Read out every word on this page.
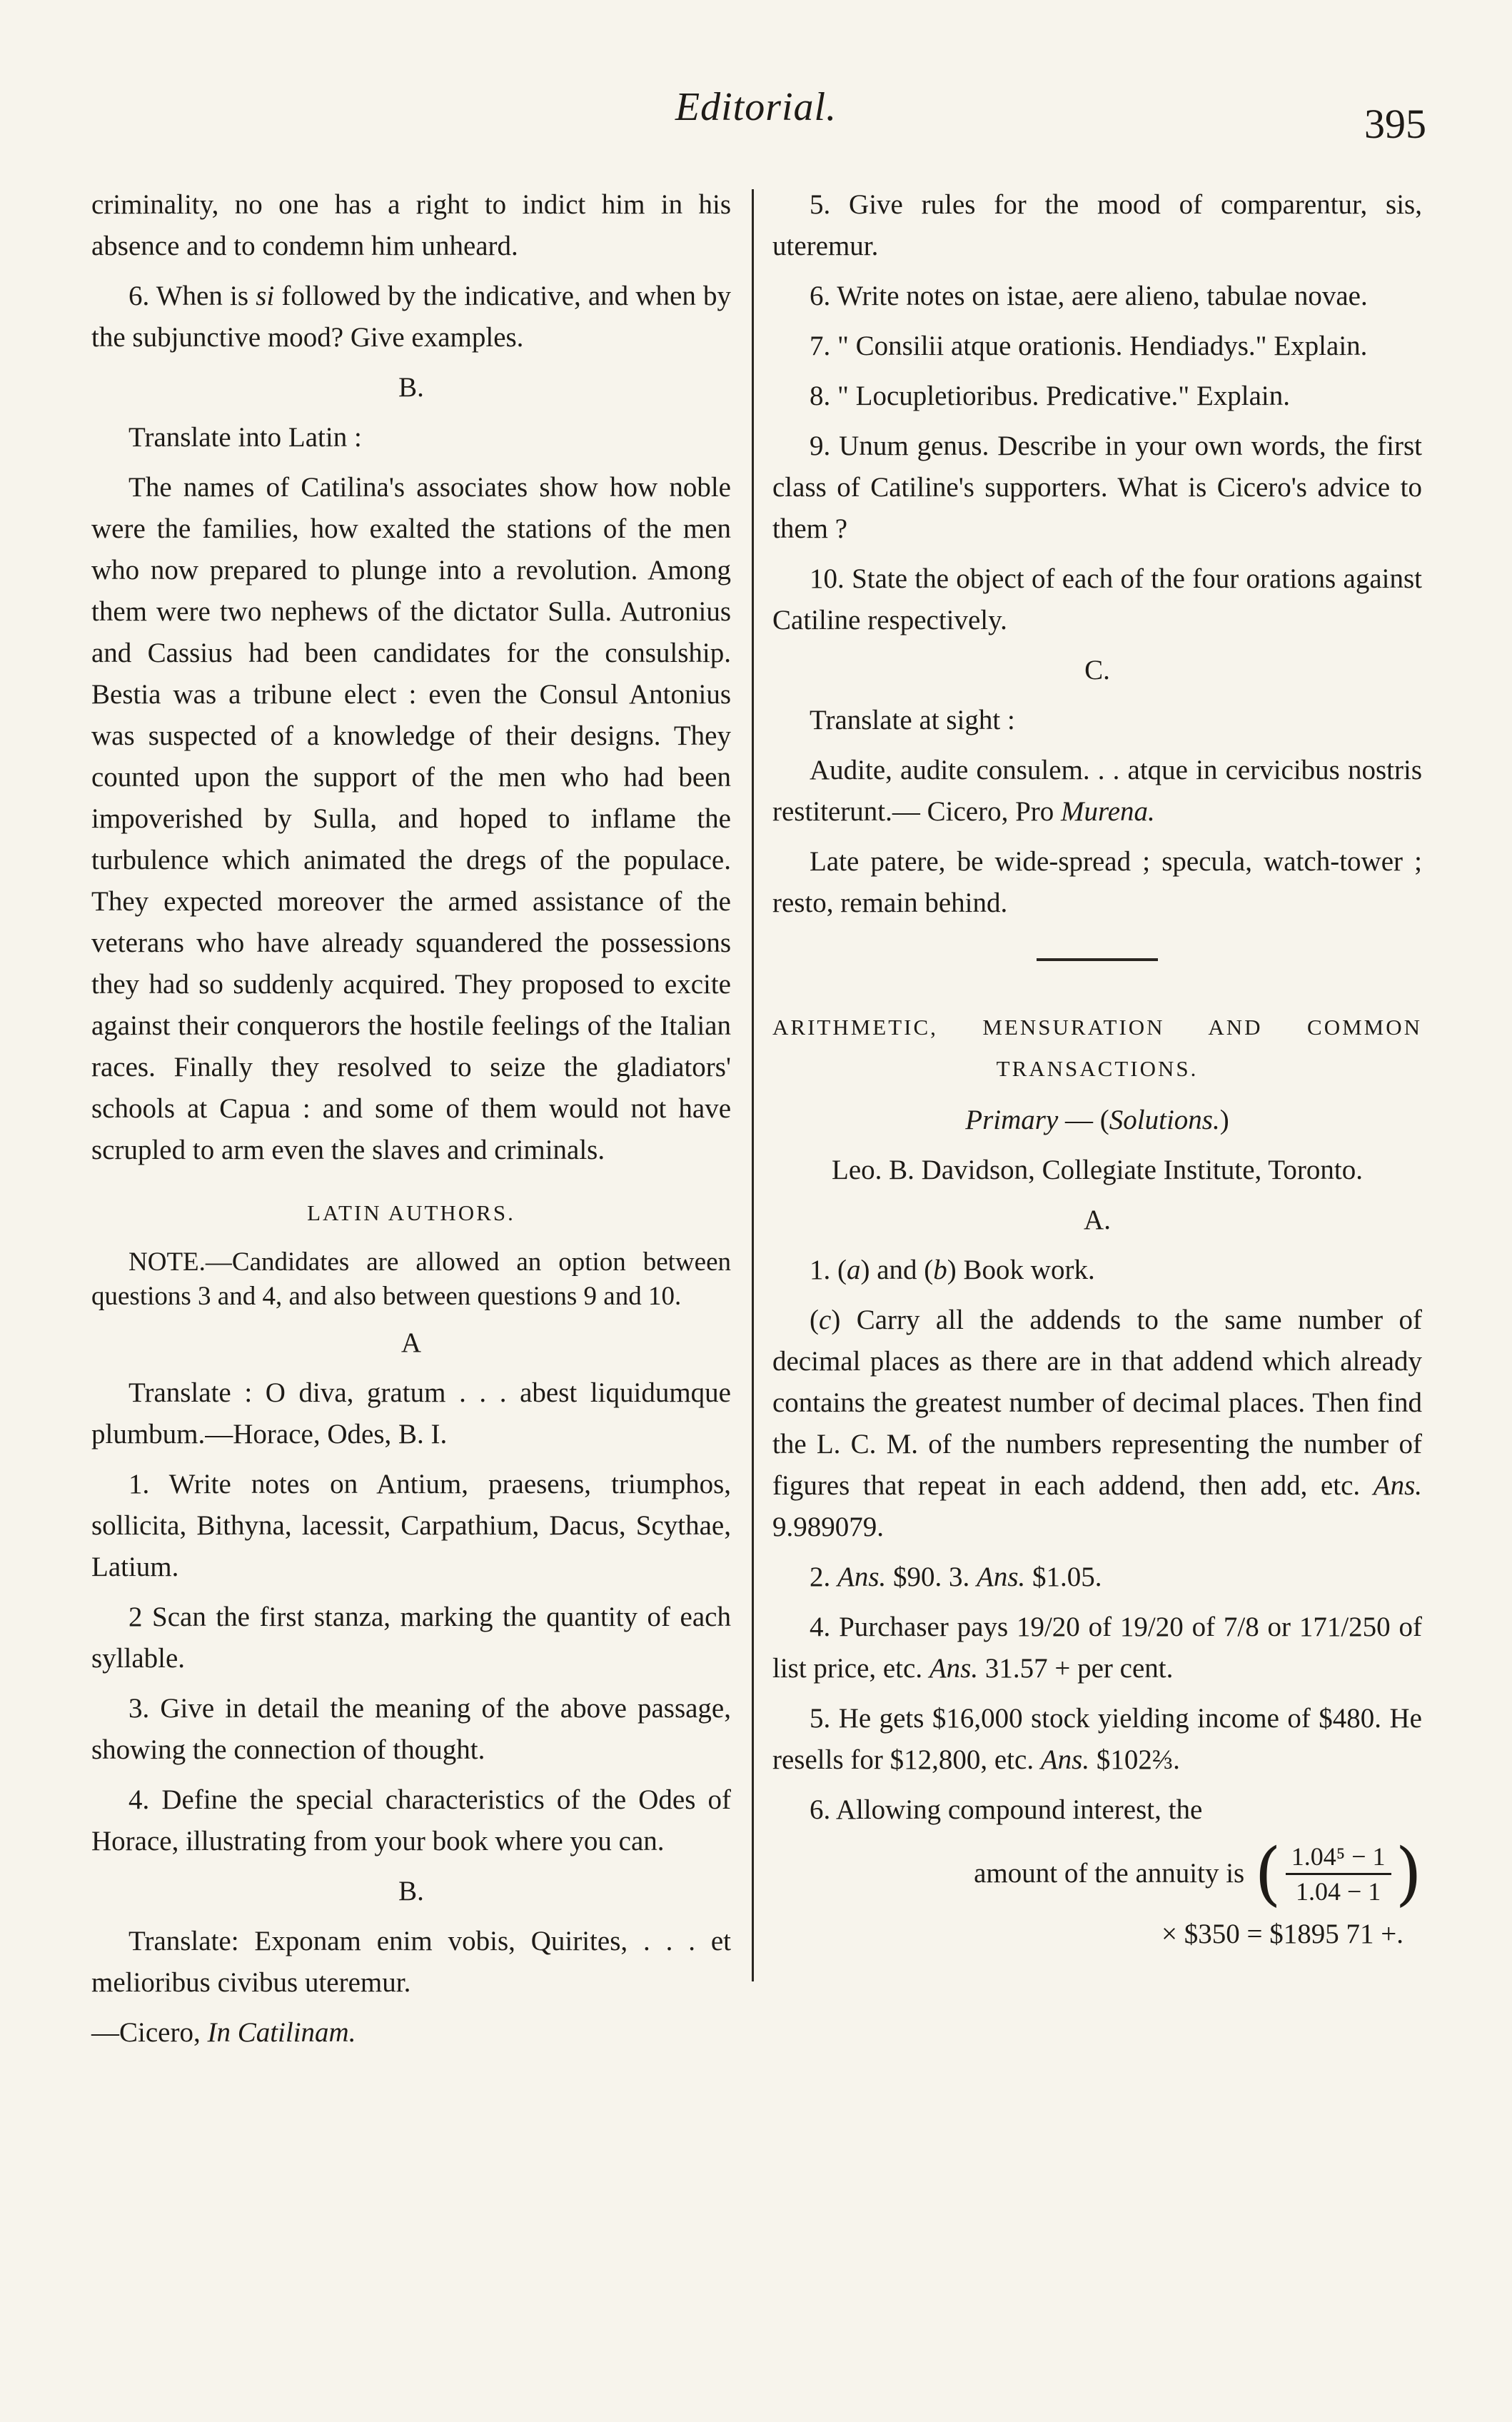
Editorial.	395

criminality, no one has a right to indict him in his absence and to condemn him unheard.

6. When is si followed by the indicative, and when by the subjunctive mood? Give examples.

B.

Translate into Latin :

The names of Catilina's associates show how noble were the families, how exalted the stations of the men who now prepared to plunge into a revolution. Among them were two nephews of the dictator Sulla. Autronius and Cassius had been candidates for the consulship. Bestia was a tribune elect : even the Consul Antonius was suspected of a knowledge of their designs. They counted upon the support of the men who had been impoverished by Sulla, and hoped to inflame the turbulence which animated the dregs of the populace. They expected moreover the armed assistance of the veterans who have already squandered the possessions they had so suddenly acquired. They proposed to excite against their conquerors the hostile feelings of the Italian races. Finally they resolved to seize the gladiators' schools at Capua : and some of them would not have scrupled to arm even the slaves and criminals.

LATIN AUTHORS.

NOTE.—Candidates are allowed an option between questions 3 and 4, and also between questions 9 and 10.

A

Translate : O diva, gratum . . . abest liquidumque plumbum.—Horace, Odes, B. I.

1. Write notes on Antium, praesens, triumphos, sollicita, Bithyna, lacessit, Carpathium, Dacus, Scythae, Latium.

2 Scan the first stanza, marking the quantity of each syllable.

3. Give in detail the meaning of the above passage, showing the connection of thought.

4. Define the special characteristics of the Odes of Horace, illustrating from your book where you can.

B.

Translate: Exponam enim vobis, Quirites, . . . et melioribus civibus uteremur.

—Cicero, In Catilinam.

5. Give rules for the mood of comparentur, sis, uteremur.

6. Write notes on istae, aere alieno, tabulae novae.

7. " Consilii atque orationis. Hendiadys." Explain.

8. " Locupletioribus. Predicative." Explain.

9. Unum genus. Describe in your own words, the first class of Catiline's supporters. What is Cicero's advice to them ?

10. State the object of each of the four orations against Catiline respectively.

C.

Translate at sight :

Audite, audite consulem. . . atque in cervicibus nostris restiterunt.— Cicero, Pro Murena.

Late patere, be wide-spread ; specula, watch-tower ; resto, remain behind.

ARITHMETIC, MENSURATION AND COMMON TRANSACTIONS.

Primary — (Solutions.)

Leo. B. Davidson, Collegiate Institute, Toronto.

A.

1. (a) and (b) Book work.

(c) Carry all the addends to the same number of decimal places as there are in that addend which already contains the greatest number of decimal places. Then find the L. C. M. of the numbers representing the number of figures that repeat in each addend, then add, etc. Ans. 9.989079.

2. Ans. $90. 3. Ans. $1.05.

4. Purchaser pays 19/20 of 19/20 of 7/8 or 171/250 of list price, etc. Ans. 31.57 + per cent.

5. He gets $16,000 stock yielding income of $480. He resells for $12,800, etc. Ans. $102⅔.

6. Allowing compound interest, the

amount of the annuity is ( $\frac{\text{1.04⁵ − 1}}{1.04 - 1}$ )

× $350 = $1895 71 +.
